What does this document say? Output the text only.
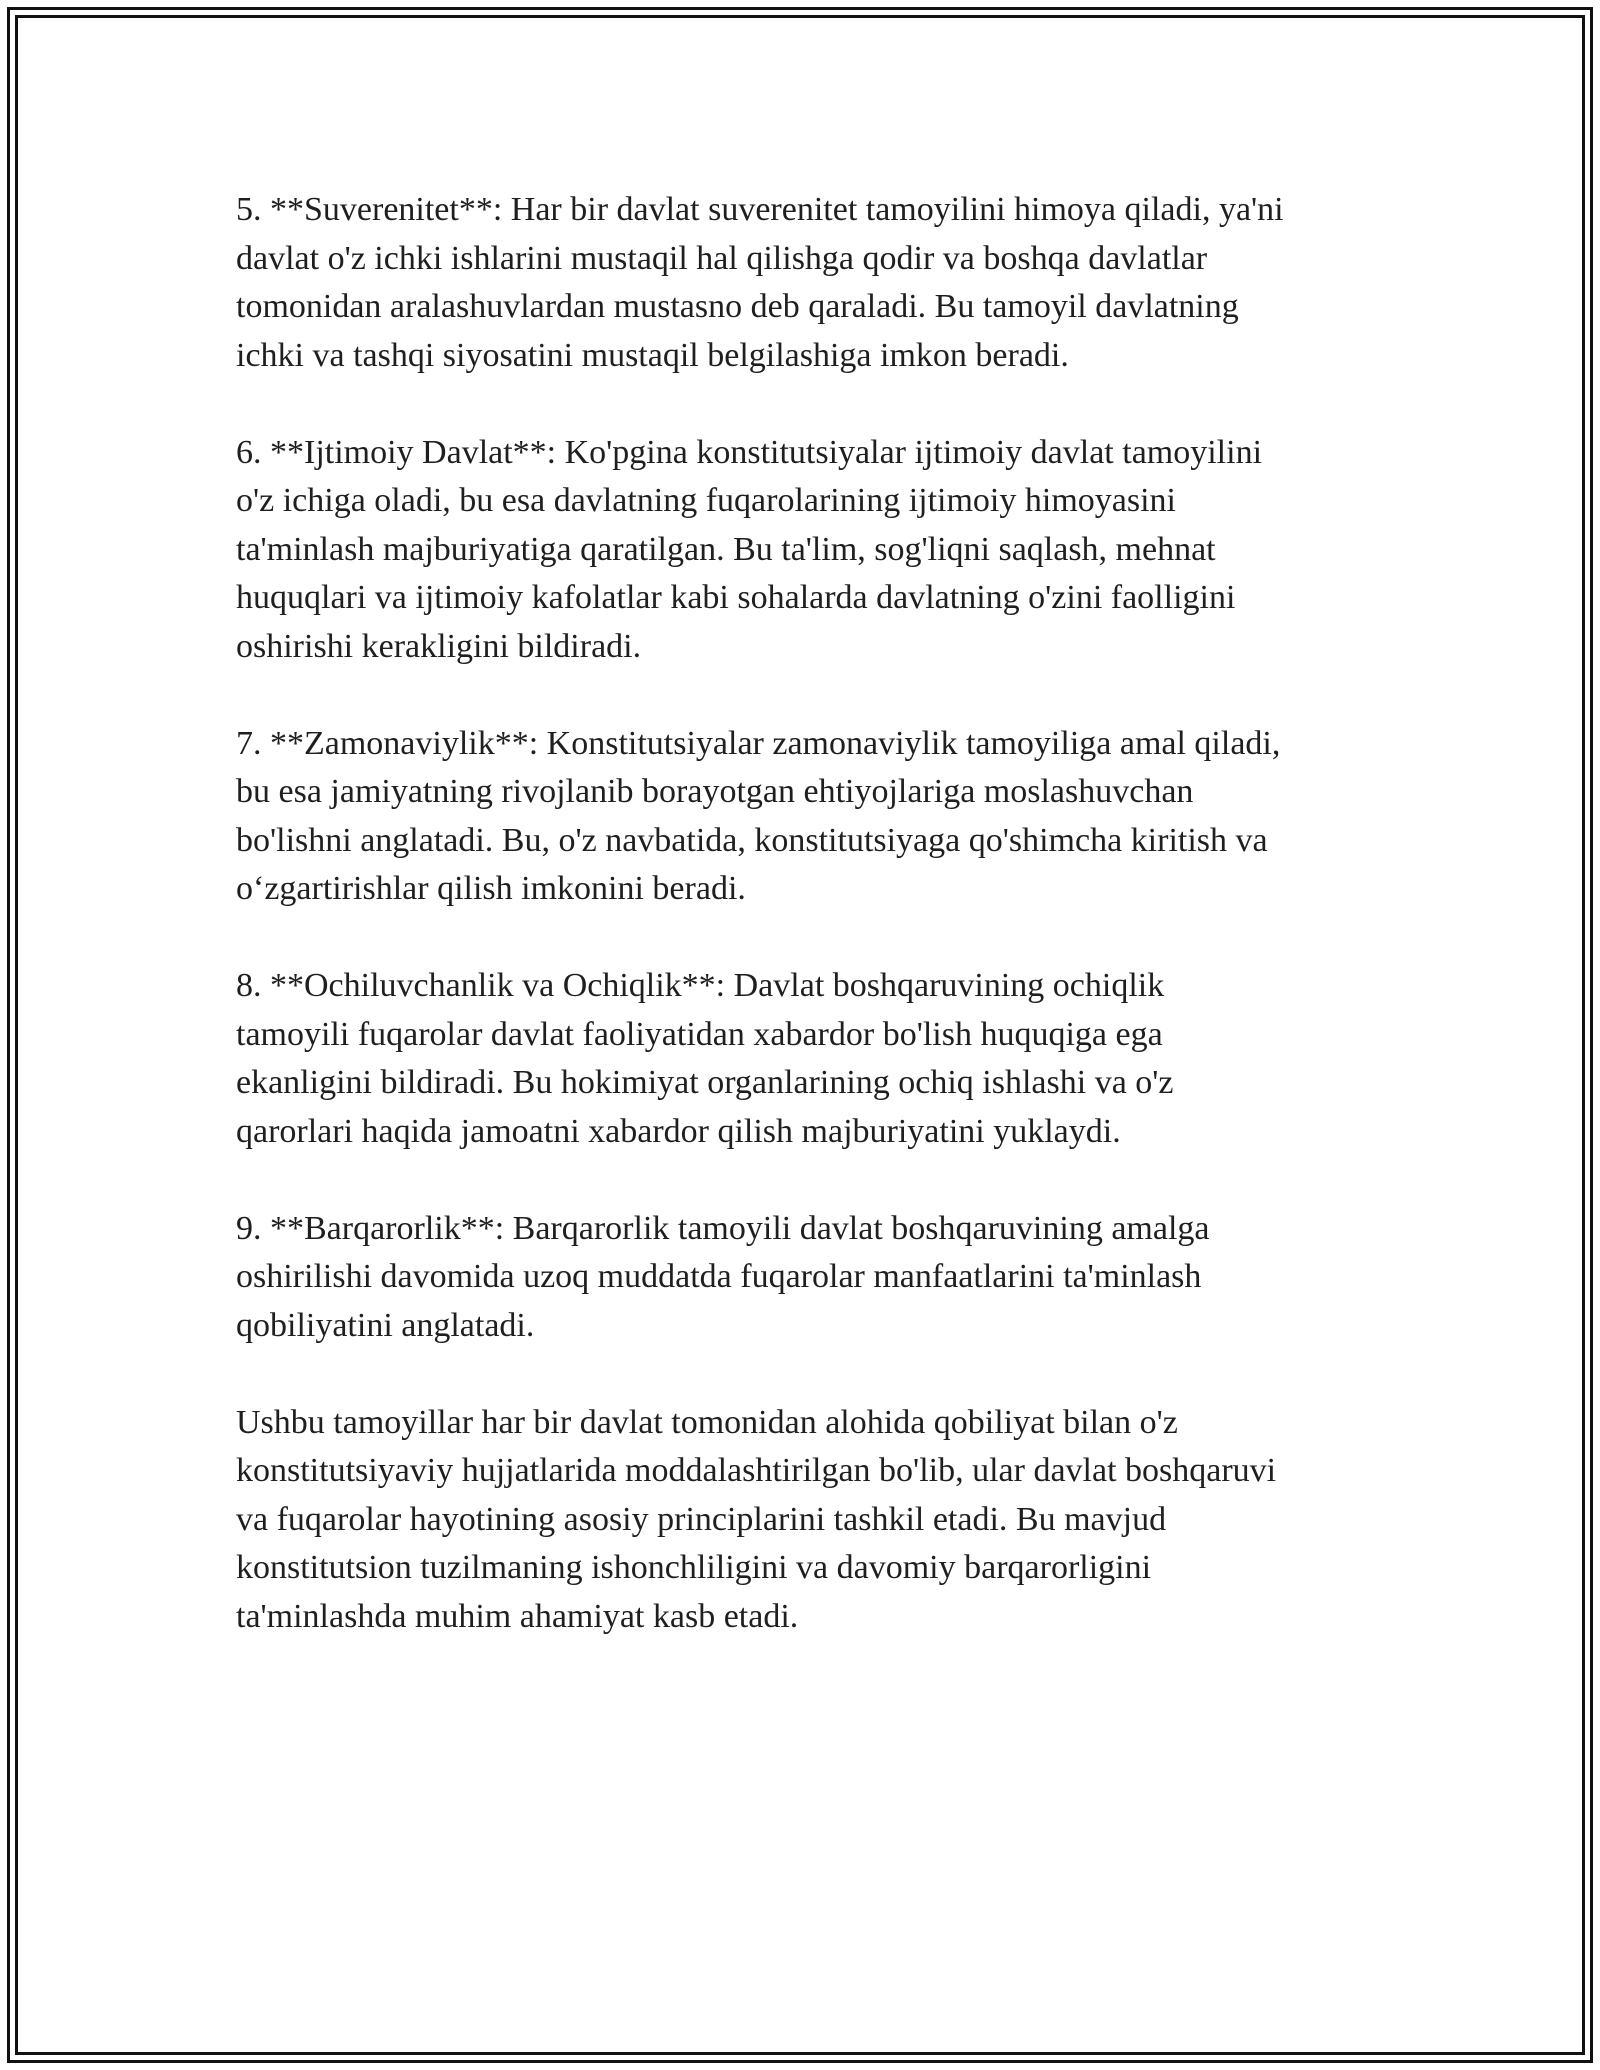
5. **Suverenitet**: Har bir davlat suverenitet tamoyilini himoya qiladi, ya'ni
davlat o'z ichki ishlarini mustaqil hal qilishga qodir va boshqa davlatlar
tomonidan aralashuvlardan mustasno deb qaraladi. Bu tamoyil davlatning
ichki va tashqi siyosatini mustaqil belgilashiga imkon beradi.

6. **Ijtimoiy Davlat**: Ko'pgina konstitutsiyalar ijtimoiy davlat tamoyilini
o'z ichiga oladi, bu esa davlatning fuqarolarining ijtimoiy himoyasini
ta'minlash majburiyatiga qaratilgan. Bu ta'lim, sog'liqni saqlash, mehnat
huquqlari va ijtimoiy kafolatlar kabi sohalarda davlatning o'zini faolligini
oshirishi kerakligini bildiradi.

7. **Zamonaviylik**: Konstitutsiyalar zamonaviylik tamoyiliga amal qiladi,
bu esa jamiyatning rivojlanib borayotgan ehtiyojlariga moslashuvchan
bo'lishni anglatadi. Bu, o'z navbatida, konstitutsiyaga qo'shimcha kiritish va
o‘zgartirishlar qilish imkonini beradi.

8. **Ochiluvchanlik va Ochiqlik**: Davlat boshqaruvining ochiqlik
tamoyili fuqarolar davlat faoliyatidan xabardor bo'lish huquqiga ega
ekanligini bildiradi. Bu hokimiyat organlarining ochiq ishlashi va o'z
qarorlari haqida jamoatni xabardor qilish majburiyatini yuklaydi.

9. **Barqarorlik**: Barqarorlik tamoyili davlat boshqaruvining amalga
oshirilishi davomida uzoq muddatda fuqarolar manfaatlarini ta'minlash
qobiliyatini anglatadi.

Ushbu tamoyillar har bir davlat tomonidan alohida qobiliyat bilan o'z
konstitutsiyaviy hujjatlarida moddalashtirilgan bo'lib, ular davlat boshqaruvi
va fuqarolar hayotining asosiy principlarini tashkil etadi. Bu mavjud
konstitutsion tuzilmaning ishonchliligini va davomiy barqarorligini
ta'minlashda muhim ahamiyat kasb etadi.
